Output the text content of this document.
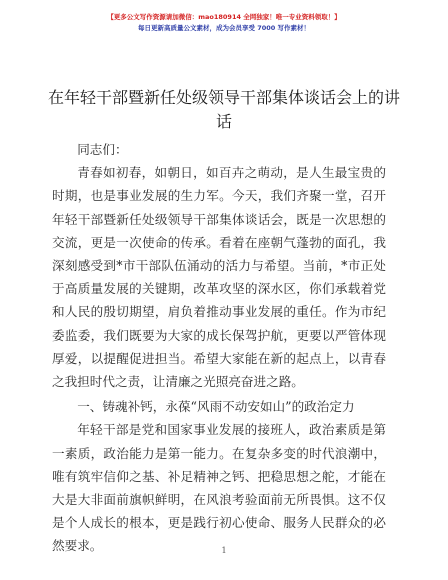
【更多公文写作资源请加微信：mao180914 全网独家！唯一专业资料领取！】
每日更新高质量公文素材，成为会员享受 7000 写作素材！
在年轻干部暨新任处级领导干部集体谈话会上的讲话

同志们：

青春如初春，如朝日，如百卉之萌动，是人生最宝贵的时期，也是事业发展的生力军。今天，我们齐聚一堂，召开年轻干部暨新任处级领导干部集体谈话会，既是一次思想的交流，更是一次使命的传承。看着在座朝气蓬勃的面孔，我深刻感受到*市干部队伍涌动的活力与希望。当前，*市正处于高质量发展的关键期，改革攻坚的深水区，你们承载着党和人民的殷切期望，肩负着推动事业发展的重任。作为市纪委监委，我们既要为大家的成长保驾护航，更要以严管体现厚爱，以提醒促进担当。希望大家能在新的起点上，以青春之我担时代之责，让清廉之光照亮奋进之路。

一、铸魂补钙，永葆“风雨不动安如山”的政治定力

年轻干部是党和国家事业发展的接班人，政治素质是第一素质，政治能力是第一能力。在复杂多变的时代浪潮中，唯有筑牢信仰之基、补足精神之钙、把稳思想之舵，才能在大是大非面前旗帜鲜明，在风浪考验面前无所畏惧。这不仅是个人成长的根本，更是践行初心使命、服务人民群众的必然要求。	1
